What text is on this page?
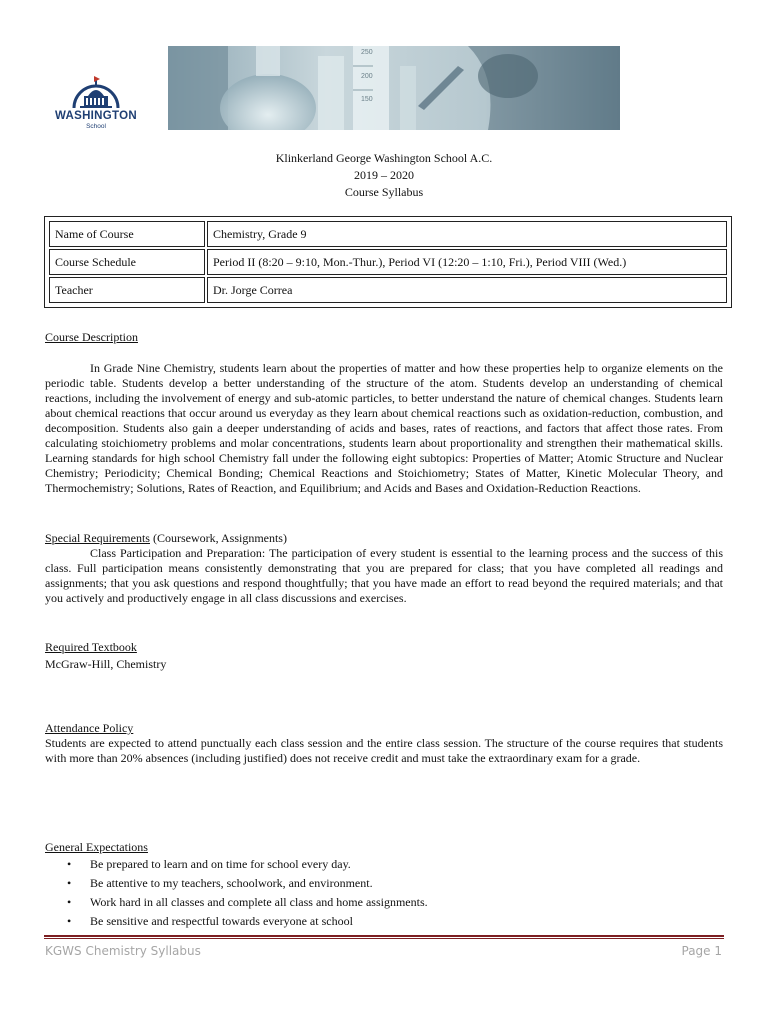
WASHINGTON
School
250
200
150
Klinkerland George Washington School A.C.
2019 – 2020
Course Syllabus
Name of Course	Chemistry, Grade 9
Course Schedule	Period II (8:20 – 9:10, Mon.-Thur.), Period VI (12:20 – 1:10, Fri.), Period VIII (Wed.)
Teacher	Dr. Jorge Correa
Course Description

In Grade Nine Chemistry, students learn about the properties of matter and how these properties help to organize elements on the periodic table. Students develop a better understanding of the structure of the atom. Students develop an understanding of chemical reactions, including the involvement of energy and sub-atomic particles, to better understand the nature of chemical changes. Students learn about chemical reactions that occur around us everyday as they learn about chemical reactions such as oxidation-reduction, combustion, and decomposition. Students also gain a deeper understanding of acids and bases, rates of reactions, and factors that affect those rates. From calculating stoichiometry problems and molar concentrations, students learn about proportionality and strengthen their mathematical skills. Learning standards for high school Chemistry fall under the following eight subtopics: Properties of Matter; Atomic Structure and Nuclear Chemistry; Periodicity; Chemical Bonding; Chemical Reactions and Stoichiometry; States of Matter, Kinetic Molecular Theory, and Thermochemistry; Solutions, Rates of Reaction, and Equilibrium; and Acids and Bases and Oxidation-Reduction Reactions.

Special Requirements (Coursework, Assignments)

Class Participation and Preparation: The participation of every student is essential to the learning process and the success of this class. Full participation means consistently demonstrating that you are prepared for class; that you have completed all readings and assignments; that you ask questions and respond thoughtfully; that you have made an effort to read beyond the required materials; and that you actively and productively engage in all class discussions and exercises.

Required Textbook
McGraw-Hill, Chemistry
Attendance Policy

Students are expected to attend punctually each class session and the entire class session. The structure of the course requires that students with more than 20% absences (including justified) does not receive credit and must take the extraordinary exam for a grade.

General Expectations
• Be prepared to learn and on time for school every day.
• Be attentive to my teachers, schoolwork, and environment.
• Work hard in all classes and complete all class and home assignments.
• Be sensitive and respectful towards everyone at school
KGWS Chemistry Syllabus	Page 1
